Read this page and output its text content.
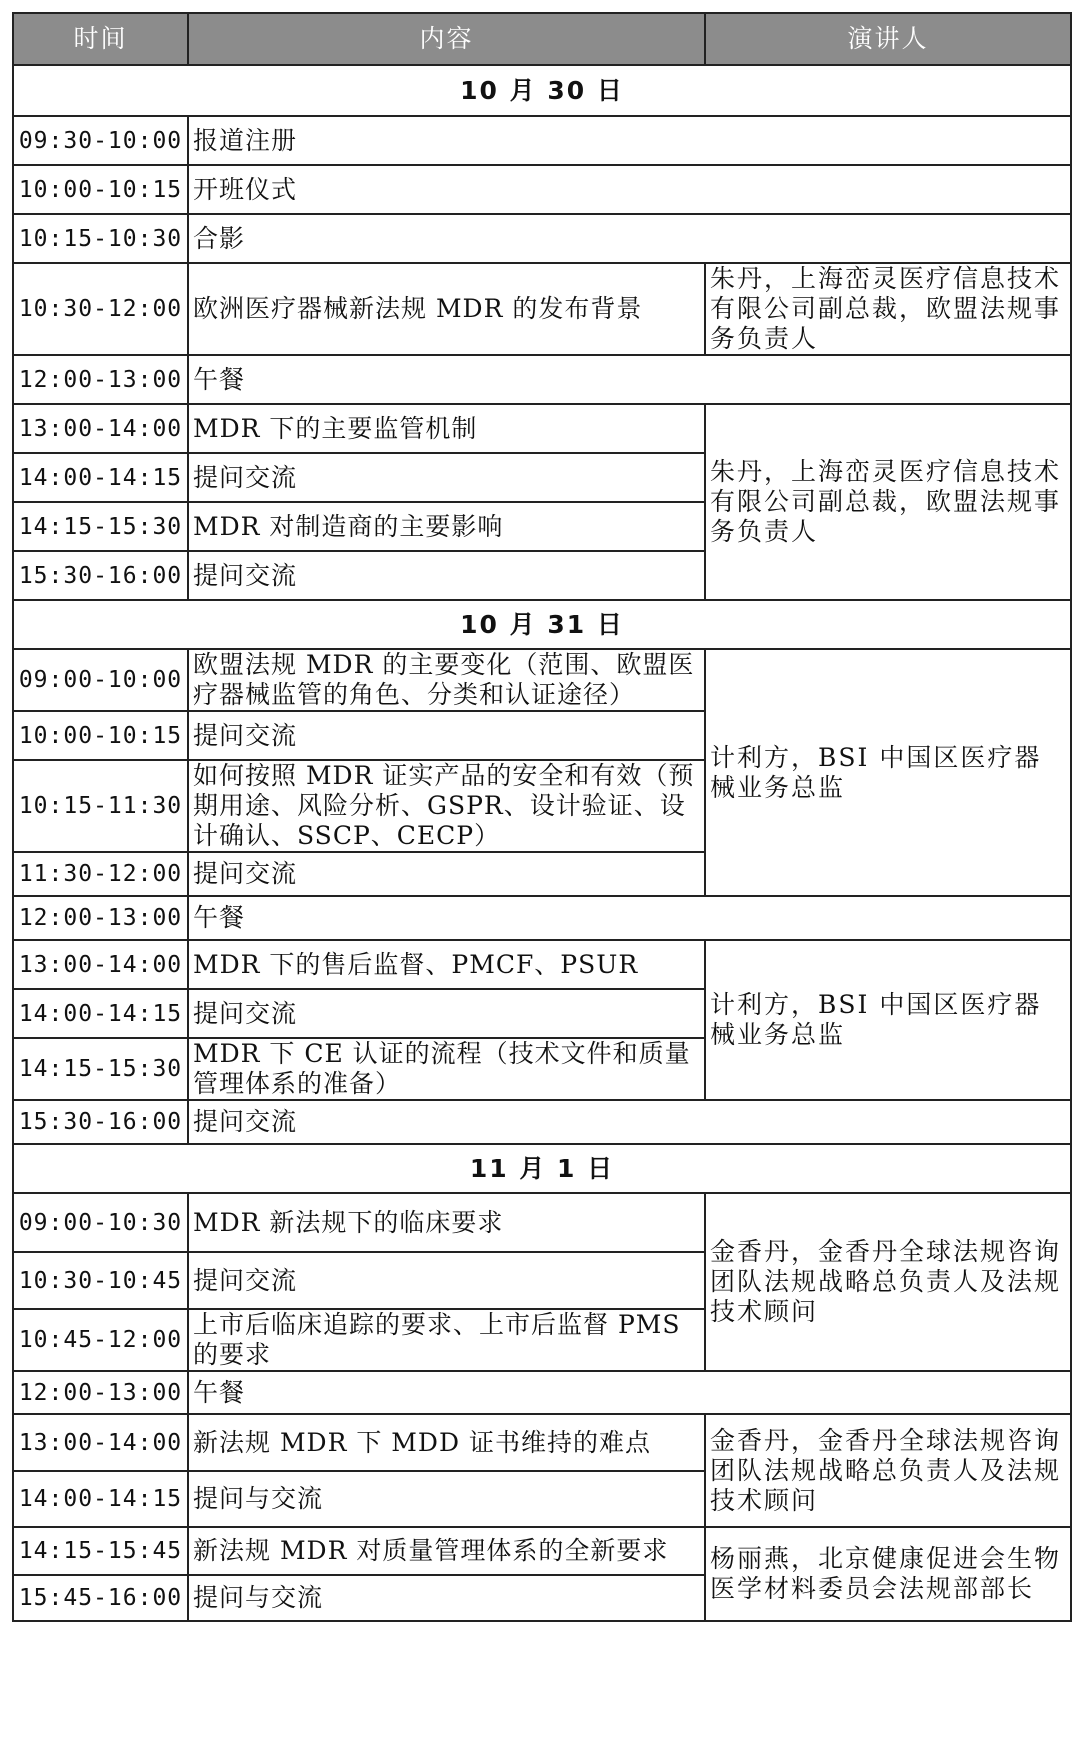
时间	内容	演讲人
10 月 30 日		
09:30-10:00	报道注册	
10:00-10:15	开班仪式	
10:15-10:30	合影	
10:30-12:00	欧洲医疗器械新法规 MDR 的发布背景	朱丹，上海峦灵医疗信息技术有限公司副总裁，欧盟法规事务负责人
12:00-13:00	午餐	
13:00-14:00	MDR 下的主要监管机制	朱丹，上海峦灵医疗信息技术有限公司副总裁，欧盟法规事务负责人
14:00-14:15	提问交流	
14:15-15:30	MDR 对制造商的主要影响	
15:30-16:00	提问交流	
10 月 31 日		
09:00-10:00	欧盟法规 MDR 的主要变化（范围、欧盟医疗器械监管的角色、分类和认证途径）	计利方，BSI 中国区医疗器械业务总监
10:00-10:15	提问交流	
10:15-11:30	如何按照 MDR 证实产品的安全和有效（预期用途、风险分析、GSPR、设计验证、设计确认、SSCP、CECP）	
11:30-12:00	提问交流	
12:00-13:00	午餐	
13:00-14:00	MDR 下的售后监督、PMCF、PSUR	计利方，BSI 中国区医疗器械业务总监
14:00-14:15	提问交流	
14:15-15:30	MDR 下 CE 认证的流程（技术文件和质量管理体系的准备）	
15:30-16:00	提问交流	
11 月 1 日		
09:00-10:30	MDR 新法规下的临床要求	金香丹，金香丹全球法规咨询团队法规战略总负责人及法规技术顾问
10:30-10:45	提问交流	
10:45-12:00	上市后临床追踪的要求、上市后监督 PMS 的要求	
12:00-13:00	午餐	
13:00-14:00	新法规 MDR 下 MDD 证书维持的难点	金香丹，金香丹全球法规咨询团队法规战略总负责人及法规技术顾问
14:00-14:15	提问与交流	
14:15-15:45	新法规 MDR 对质量管理体系的全新要求	杨丽燕，北京健康促进会生物医学材料委员会法规部部长
15:45-16:00	提问与交流	
